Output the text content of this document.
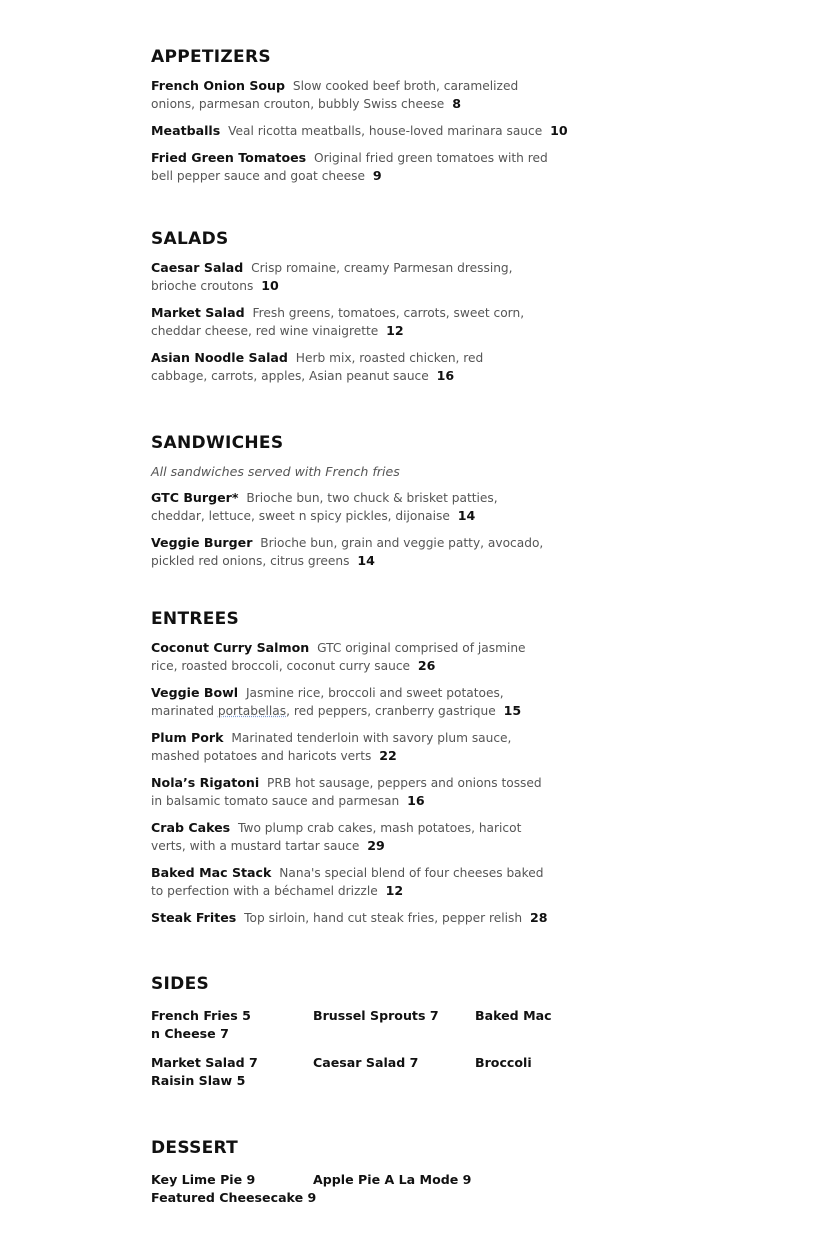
APPETIZERS
French Onion Soup Slow cooked beef broth, caramelized onions, parmesan crouton, bubbly Swiss cheese 8
Meatballs Veal ricotta meatballs, house-loved marinara sauce 10
Fried Green Tomatoes Original fried green tomatoes with red bell pepper sauce and goat cheese 9
SALADS
Caesar Salad Crisp romaine, creamy Parmesan dressing, brioche croutons 10
Market Salad Fresh greens, tomatoes, carrots, sweet corn, cheddar cheese, red wine vinaigrette 12
Asian Noodle Salad Herb mix, roasted chicken, red cabbage, carrots, apples, Asian peanut sauce 16
SANDWICHES
All sandwiches served with French fries
GTC Burger* Brioche bun, two chuck & brisket patties, cheddar, lettuce, sweet n spicy pickles, dijonaise 14
Veggie Burger Brioche bun, grain and veggie patty, avocado, pickled red onions, citrus greens 14
ENTREES
Coconut Curry Salmon GTC original comprised of jasmine rice, roasted broccoli, coconut curry sauce 26
Veggie Bowl Jasmine rice, broccoli and sweet potatoes, marinated portabellas, red peppers, cranberry gastrique 15
Plum Pork Marinated tenderloin with savory plum sauce, mashed potatoes and haricots verts 22
Nola’s Rigatoni PRB hot sausage, peppers and onions tossed in balsamic tomato sauce and parmesan 16
Crab Cakes Two plump crab cakes, mash potatoes, haricot verts, with a mustard tartar sauce 29
Baked Mac Stack Nana's special blend of four cheeses baked to perfection with a béchamel drizzle 12
Steak Frites Top sirloin, hand cut steak fries, pepper relish 28
SIDES
French Fries 5	Brussel Sprouts 7	Baked Mac
n Cheese 7
Market Salad 7	Caesar Salad 7	Broccoli
Raisin Slaw 5
DESSERT
Key Lime Pie 9	Apple Pie A La Mode 9
Featured Cheesecake 9
